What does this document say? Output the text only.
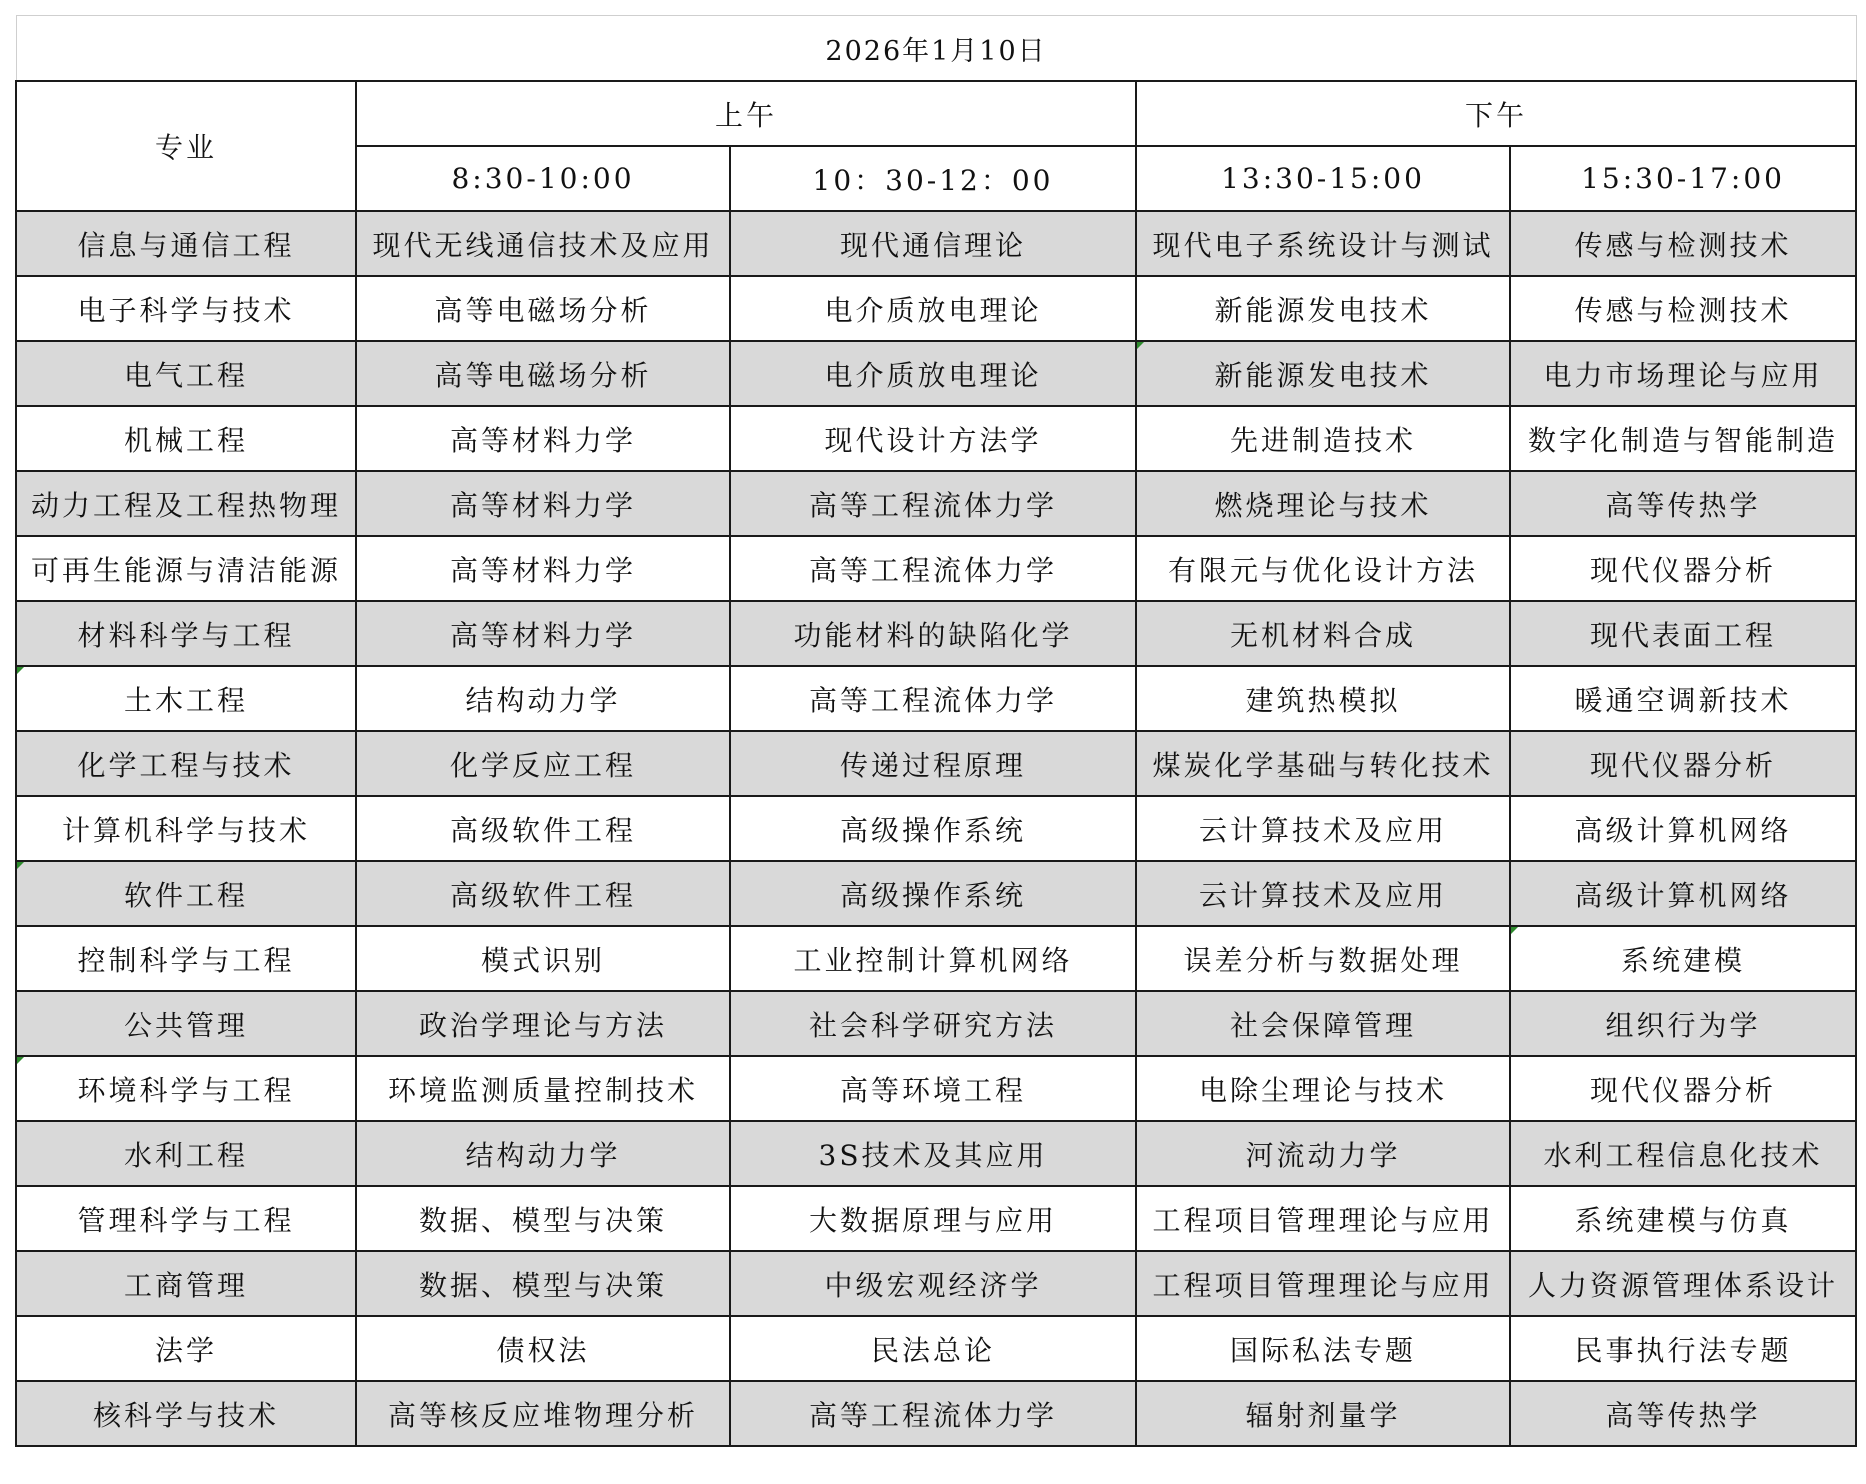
2026年1月10日				
专业	上午		下午	
	8:30-10:00	10：30-12：00	13:30-15:00	15:30-17:00
信息与通信工程	现代无线通信技术及应用	现代通信理论	现代电子系统设计与测试	传感与检测技术
电子科学与技术	高等电磁场分析	电介质放电理论	新能源发电技术	传感与检测技术
电气工程	高等电磁场分析	电介质放电理论	新能源发电技术	电力市场理论与应用
机械工程	高等材料力学	现代设计方法学	先进制造技术	数字化制造与智能制造
动力工程及工程热物理	高等材料力学	高等工程流体力学	燃烧理论与技术	高等传热学
可再生能源与清洁能源	高等材料力学	高等工程流体力学	有限元与优化设计方法	现代仪器分析
材料科学与工程	高等材料力学	功能材料的缺陷化学	无机材料合成	现代表面工程
土木工程	结构动力学	高等工程流体力学	建筑热模拟	暖通空调新技术
化学工程与技术	化学反应工程	传递过程原理	煤炭化学基础与转化技术	现代仪器分析
计算机科学与技术	高级软件工程	高级操作系统	云计算技术及应用	高级计算机网络
软件工程	高级软件工程	高级操作系统	云计算技术及应用	高级计算机网络
控制科学与工程	模式识别	工业控制计算机网络	误差分析与数据处理	系统建模

公共管理	政治学理论与方法	社会科学研究方法	社会保障管理	组织行为学
环境科学与工程	环境监测质量控制技术	高等环境工程	电除尘理论与技术	现代仪器分析
水利工程	结构动力学	3S技术及其应用	河流动力学	水利工程信息化技术
管理科学与工程	数据、模型与决策	大数据原理与应用	工程项目管理理论与应用	系统建模与仿真
工商管理	数据、模型与决策	中级宏观经济学	工程项目管理理论与应用	人力资源管理体系设计
法学	债权法	民法总论	国际私法专题	民事执行法专题
核科学与技术	高等核反应堆物理分析	高等工程流体力学	辐射剂量学	高等传热学
